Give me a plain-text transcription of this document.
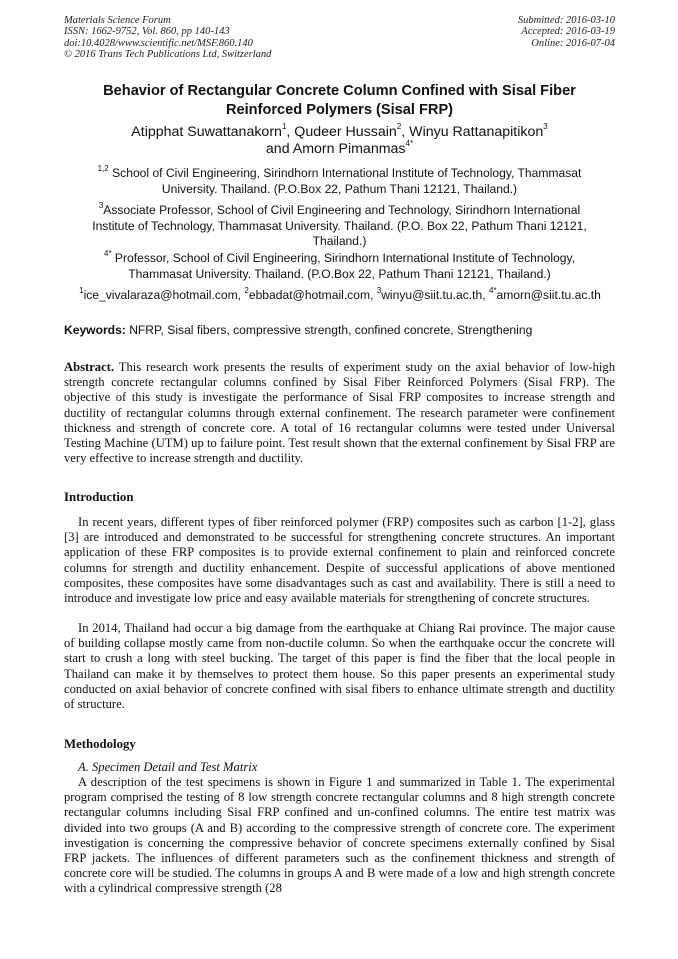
Materials Science Forum
ISSN: 1662-9752, Vol. 860, pp 140-143
doi:10.4028/www.scientific.net/MSF.860.140
© 2016 Trans Tech Publications Ltd, Switzerland
Submitted: 2016-03-10
Accepted: 2016-03-19
Online: 2016-07-04
Behavior of Rectangular Concrete Column Confined with Sisal Fiber
Reinforced Polymers (Sisal FRP)
Atipphat Suwattanakorn$^1$, Qudeer Hussain$^2$, Winyu Rattanapitikon$^3$
and Amorn Pimanmas$^{4*}$
$^{1,2}$ School of Civil Engineering, Sirindhorn International Institute of Technology, Thammasat
University. Thailand. (P.O.Box 22, Pathum Thani 12121, Thailand.)
$^3$Associate Professor, School of Civil Engineering and Technology, Sirindhorn International
Institute of Technology, Thammasat University. Thailand. (P.O. Box 22, Pathum Thani 12121,
Thailand.)
$^{4*}$ Professor, School of Civil Engineering, Sirindhorn International Institute of Technology,
Thammasat University. Thailand. (P.O.Box 22, Pathum Thani 12121, Thailand.)
$^1$ice_vivalaraza@hotmail.com, $^2$ebbadat@hotmail.com, $^3$winyu@siit.tu.ac.th, $^{4*}$amorn@siit.tu.ac.th
Keywords: NFRP, Sisal fibers, compressive strength, confined concrete, Strengthening
Abstract. This research work presents the results of experiment study on the axial behavior of low-high strength concrete rectangular columns confined by Sisal Fiber Reinforced Polymers (Sisal FRP). The objective of this study is investigate the performance of Sisal FRP composites to increase strength and ductility of rectangular columns through external confinement. The research parameter were confinement thickness and strength of concrete core. A total of 16 rectangular columns were tested under Universal Testing Machine (UTM) up to failure point. Test result shown that the external confinement by Sisal FRP are very effective to increase strength and ductility.
Introduction

In recent years, different types of fiber reinforced polymer (FRP) composites such as carbon [1-2], glass [3] are introduced and demonstrated to be successful for strengthening concrete structures. An important application of these FRP composites is to provide external confinement to plain and reinforced concrete columns for strength and ductility enhancement. Despite of successful applications of above mentioned composites, these composites have some disadvantages such as cast and availability. There is still a need to introduce and investigate low price and easy available materials for strengthening of concrete structures.

In 2014, Thailand had occur a big damage from the earthquake at Chiang Rai province. The major cause of building collapse mostly came from non-ductile column. So when the earthquake occur the concrete will start to crush a long with steel bucking. The target of this paper is find the fiber that the local people in Thailand can make it by themselves to protect them house. So this paper presents an experimental study conducted on axial behavior of concrete confined with sisal fibers to enhance ultimate strength and ductility of structure.

Methodology
A. Specimen Detail and Test Matrix

A description of the test specimens is shown in Figure 1 and summarized in Table 1. The experimental program comprised the testing of 8 low strength concrete rectangular columns and 8 high strength concrete rectangular columns including Sisal FRP confined and un-confined columns. The entire test matrix was divided into two groups (A and B) according to the compressive strength of concrete core. The experiment investigation is concerning the compressive behavior of concrete specimens externally confined by Sisal FRP jackets. The influences of different parameters such as the confinement thickness and strength of concrete core will be studied. The columns in groups A and B were made of a low and high strength concrete with a cylindrical compressive strength (28
